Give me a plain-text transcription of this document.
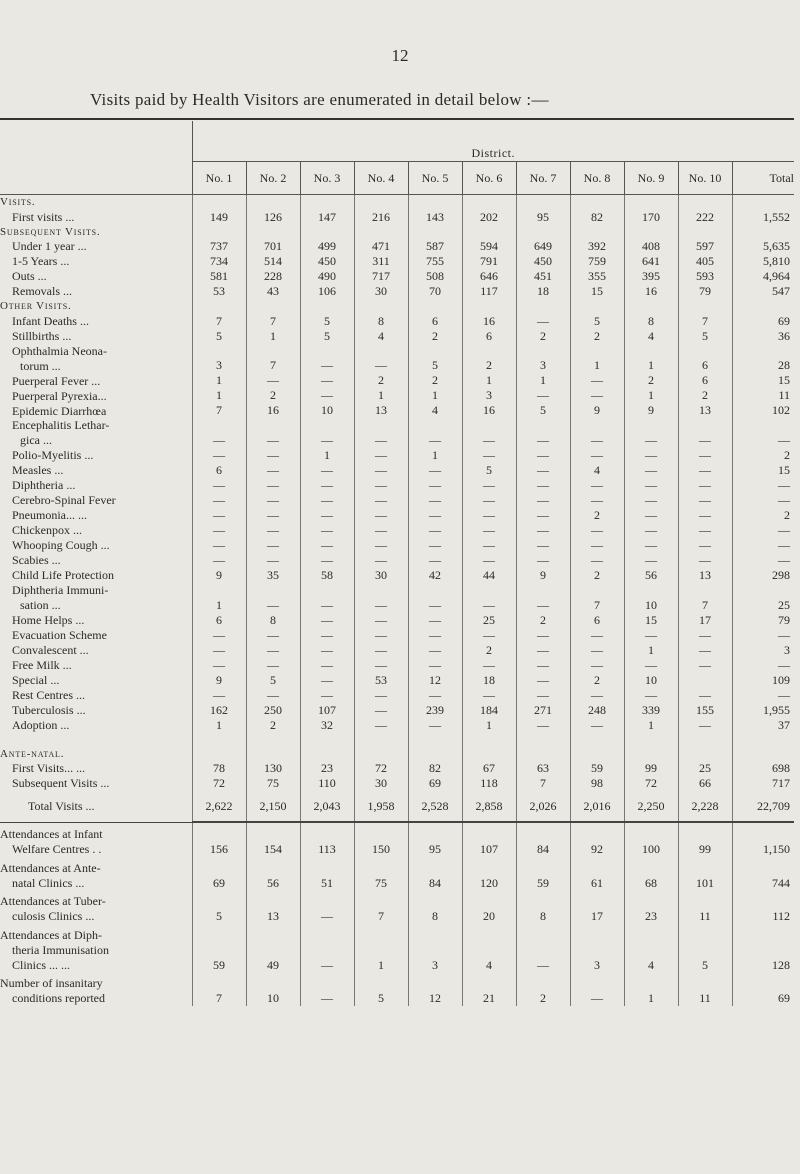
12
Visits paid by Health Visitors are enumerated in detail below :—
	District.										
	No. 1	No. 2	No. 3	No. 4	No. 5	No. 6	No. 7	No. 8	No. 9	No. 10	Total
Visits.											
First visits ...	149	126	147	216	143	202	95	82	170	222	1,552
Subsequent Visits.											
Under 1 year ...	737	701	499	471	587	594	649	392	408	597	5,635
1-5 Years ...	734	514	450	311	755	791	450	759	641	405	5,810
Outs ...	581	228	490	717	508	646	451	355	395	593	4,964
Removals ...	53	43	106	30	70	117	18	15	16	79	547
Other Visits.											
Infant Deaths ...	7	7	5	8	6	16	—	5	8	7	69
Stillbirths ...	5	1	5	4	2	6	2	2	4	5	36
Ophthalmia Neona-											
torum ...	3	7	—	—	5	2	3	1	1	6	28
Puerperal Fever ...	1	—	—	2	2	1	1	—	2	6	15
Puerperal Pyrexia...	1	2	—	1	1	3	—	—	1	2	11
Epidemic Diarrhœa	7	16	10	13	4	16	5	9	9	13	102
Encephalitis Lethar-											
gica ...	—	—	—	—	—	—	—	—	—	—	—
Polio-Myelitis ...	—	—	1	—	1	—	—	—	—	—	2
Measles ...	6	—	—	—	—	5	—	4	—	—	15
Diphtheria ...	—	—	—	—	—	—	—	—	—	—	—
Cerebro-Spinal Fever	—	—	—	—	—	—	—	—	—	—	—
Pneumonia... ...	—	—	—	—	—	—	—	2	—	—	2
Chickenpox ...	—	—	—	—	—	—	—	—	—	—	—
Whooping Cough ...	—	—	—	—	—	—	—	—	—	—	—
Scabies ...	—	—	—	—	—	—	—	—	—	—	—
Child Life Protection	9	35	58	30	42	44	9	2	56	13	298
Diphtheria Immuni-											
sation ...	1	—	—	—	—	—	—	7	10	7	25
Home Helps ...	6	8	—	—	—	25	2	6	15	17	79
Evacuation Scheme	—	—	—	—	—	—	—	—	—	—	—
Convalescent ...	—	—	—	—	—	2	—	—	1	—	3
Free Milk ...	—	—	—	—	—	—	—	—	—	—	—
Special ...	9	5	—	53	12	18	—	2	10		109
Rest Centres ...	—	—	—	—	—	—	—	—	—	—	—
Tuberculosis ...	162	250	107	—	239	184	271	248	339	155	1,955
Adoption ...	1	2	32	—	—	1	—	—	1	—	37

Ante-natal.											
First Visits... ...	78	130	23	72	82	67	63	59	99	25	698
Subsequent Visits ...	72	75	110	30	69	118	7	98	72	66	717
Total Visits ...	2,622	2,150	2,043	1,958	2,528	2,858	2,026	2,016	2,250	2,228	22,709
Attendances at Infant											
Welfare Centres . .	156	154	113	150	95	107	84	92	100	99	1,150
Attendances at Ante-											
natal Clinics ...	69	56	51	75	84	120	59	61	68	101	744
Attendances at Tuber-											
culosis Clinics ...	5	13	—	7	8	20	8	17	23	11	112
Attendances at Diph-											
theria Immunisation											
Clinics ... ...	59	49	—	1	3	4	—	3	4	5	128
Number of insanitary											
conditions reported	7	10	—	5	12	21	2	—	1	11	69
